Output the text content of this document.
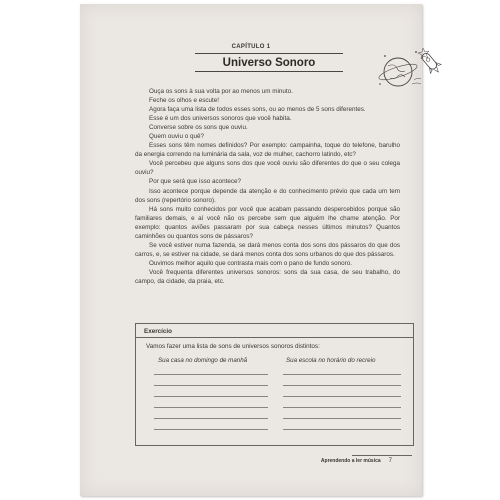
CAPÍTULO 1
Universo Sonoro

Ouça os sons à sua volta por ao menos um minuto.

Feche os olhos e escute!

Agora faça uma lista de todos esses sons, ou ao menos de 5 sons diferentes.

Esse é um dos universos sonoros que você habita.

Converse sobre os sons que ouviu.

Quem ouviu o quê?

Esses sons têm nomes definidos? Por exemplo: campainha, toque do telefone, barulho da energia correndo na luminária da sala, voz de mulher, cachorro latindo, etc?

Você percebeu que alguns sons dos que você ouviu são diferentes do que o seu colega ouviu?

Por que será que isso acontece?

Isso acontece porque depende da atenção e do conhecimento prévio que cada um tem dos sons (repertório sonoro).

Há sons muito conhecidos por você que acabam passando despercebidos porque são familiares demais, e aí você não os percebe sem que alguém lhe chame atenção. Por exemplo: quantos aviões passaram por sua cabeça nesses últimos minutos? Quantos caminhões ou quantos sons de pássaros?

Se você estiver numa fazenda, se dará menos conta dos sons dos pássaros do que dos carros, e, se estiver na cidade, se dará menos conta dos sons urbanos do que dos pássaros.

Ouvimos melhor aquilo que contrasta mais com o pano de fundo sonoro.

Você frequenta diferentes universos sonoros: sons da sua casa, de seu trabalho, do campo, da cidade, da praia, etc.

Exercício
Vamos fazer uma lista de sons de universos sonoros distintos:
Sua casa no domingo de manhã	Sua escola no horário do recreio
Aprendendo a ler música 7
